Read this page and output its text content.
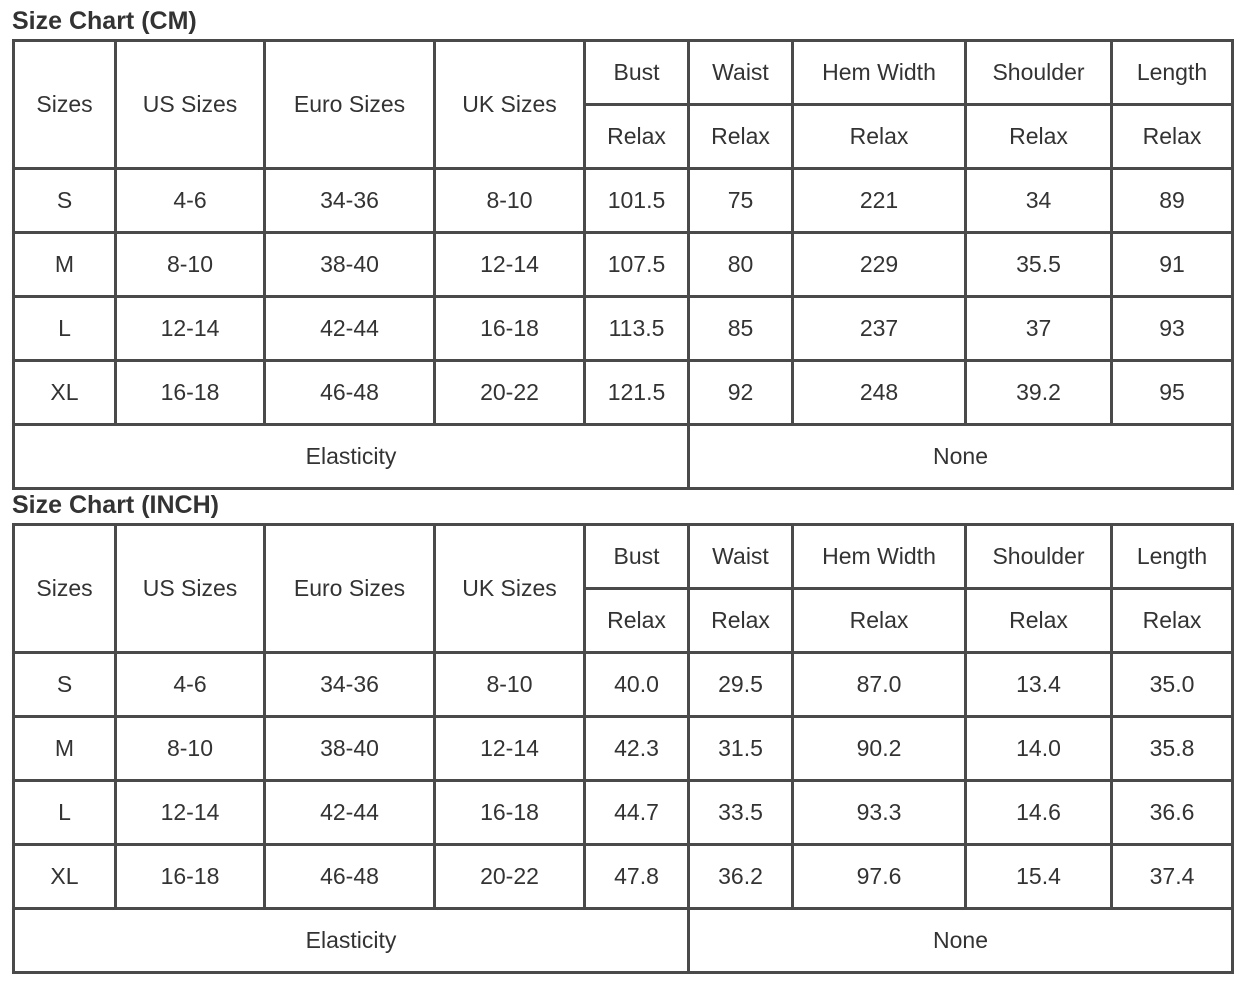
Size Chart (CM)
Sizes	US Sizes	Euro Sizes	UK Sizes	Bust	Waist	Hem Width	Shoulder	Length
				Relax	Relax	Relax	Relax	Relax
S	4-6	34-36	8-10	101.5	75	221	34	89
M	8-10	38-40	12-14	107.5	80	229	35.5	91
L	12-14	42-44	16-18	113.5	85	237	37	93
XL	16-18	46-48	20-22	121.5	92	248	39.2	95
Elasticity					None			
Size Chart (INCH)
Sizes	US Sizes	Euro Sizes	UK Sizes	Bust	Waist	Hem Width	Shoulder	Length
				Relax	Relax	Relax	Relax	Relax
S	4-6	34-36	8-10	40.0	29.5	87.0	13.4	35.0
M	8-10	38-40	12-14	42.3	31.5	90.2	14.0	35.8
L	12-14	42-44	16-18	44.7	33.5	93.3	14.6	36.6
XL	16-18	46-48	20-22	47.8	36.2	97.6	15.4	37.4
Elasticity					None			
